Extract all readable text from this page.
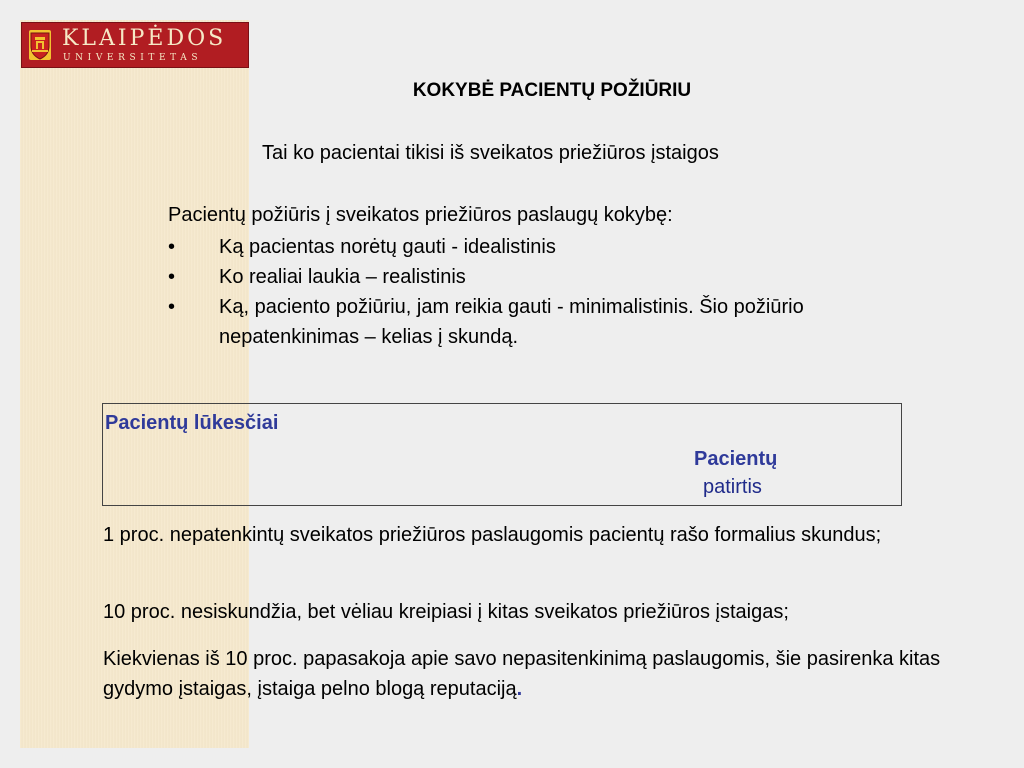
KLAIPĖDOS
UNIVERSITETAS
KOKYBĖ PACIENTŲ POŽIŪRIU
Tai ko pacientai tikisi iš sveikatos priežiūros įstaigos
Pacientų požiūris į sveikatos priežiūros paslaugų kokybę:
• Ką pacientas norėtų gauti - idealistinis
• Ko realiai laukia – realistinis
• Ką, paciento požiūriu, jam reikia gauti - minimalistinis. Šio požiūrio nepatenkinimas – kelias į skundą.
Pacientų lūkesčiai
Pacientų
patirtis
1 proc. nepatenkintų sveikatos priežiūros paslaugomis pacientų rašo formalius skundus;
10 proc. nesiskundžia, bet vėliau kreipiasi į kitas sveikatos priežiūros įstaigas;
Kiekvienas iš 10 proc. papasakoja apie savo nepasitenkinimą paslaugomis, šie pasirenka kitas gydymo įstaigas, įstaiga pelno blogą reputaciją.
